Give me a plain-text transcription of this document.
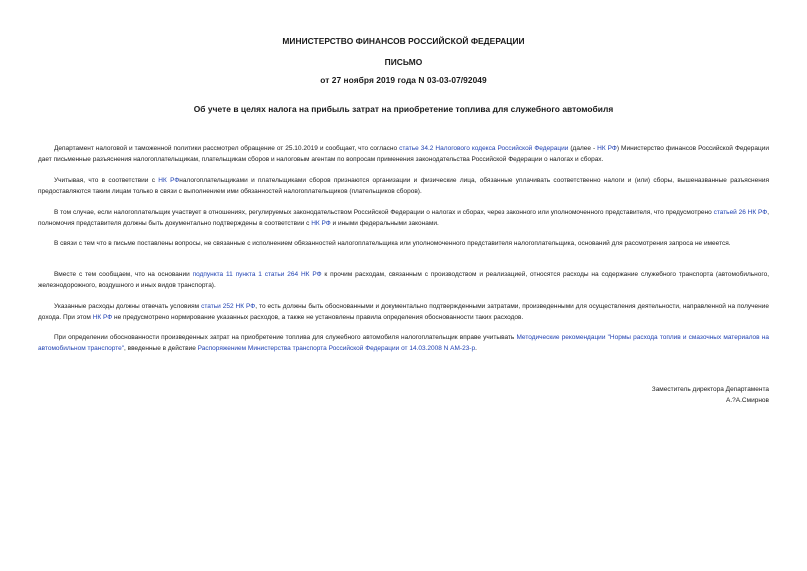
МИНИСТЕРСТВО ФИНАНСОВ РОССИЙСКОЙ ФЕДЕРАЦИИ

ПИСЬМО

от 27 ноября 2019 года N 03-03-07/92049

Об учете в целях налога на прибыль затрат на приобретение топлива для служебного автомобиля

Департамент налоговой и таможенной политики рассмотрел обращение от 25.10.2019 и сообщает, что согласно статье 34.2 Налогового кодекса Российской Федерации (далее - НК РФ) Министерство финансов Российской Федерации дает письменные разъяснения налогоплательщикам, плательщикам сборов и налоговым агентам по вопросам применения законодательства Российской Федерации о налогах и сборах.

Учитывая, что в соответствии с НК РФналогоплательщиками и плательщиками сборов признаются организации и физические лица, обязанные уплачивать соответственно налоги и (или) сборы, вышеназванные разъяснения предоставляются таким лицам только в связи с выполнением ими обязанностей налогоплательщиков (плательщиков сборов).

В том случае, если налогоплательщик участвует в отношениях, регулируемых законодательством Российской Федерации о налогах и сборах, через законного или уполномоченного представителя, что предусмотрено статьей 26 НК РФ, полномочия представителя должны быть документально подтверждены в соответствии с НК РФ и иными федеральными законами.

В связи с тем что в письме поставлены вопросы, не связанные с исполнением обязанностей налогоплательщика или уполномоченного представителя налогоплательщика, оснований для рассмотрения запроса не имеется.

Вместе с тем сообщаем, что на основании подпункта 11 пункта 1 статьи 264 НК РФ к прочим расходам, связанным с производством и реализацией, относятся расходы на содержание служебного транспорта (автомобильного, железнодорожного, воздушного и иных видов транспорта).

Указанные расходы должны отвечать условиям статьи 252 НК РФ, то есть должны быть обоснованными и документально подтвержденными затратами, произведенными для осуществления деятельности, направленной на получение дохода. При этом НК РФ не предусмотрено нормирование указанных расходов, а также не установлены правила определения обоснованности таких расходов.

При определении обоснованности произведенных затрат на приобретение топлива для служебного автомобиля налогоплательщик вправе учитывать Методические рекомендации "Нормы расхода топлив и смазочных материалов на автомобильном транспорте", введенные в действие Распоряжением Министерства транспорта Российской Федерации от 14.03.2008 N АМ-23-р.

Заместитель директора Департамента

А.?А.Смирнов
